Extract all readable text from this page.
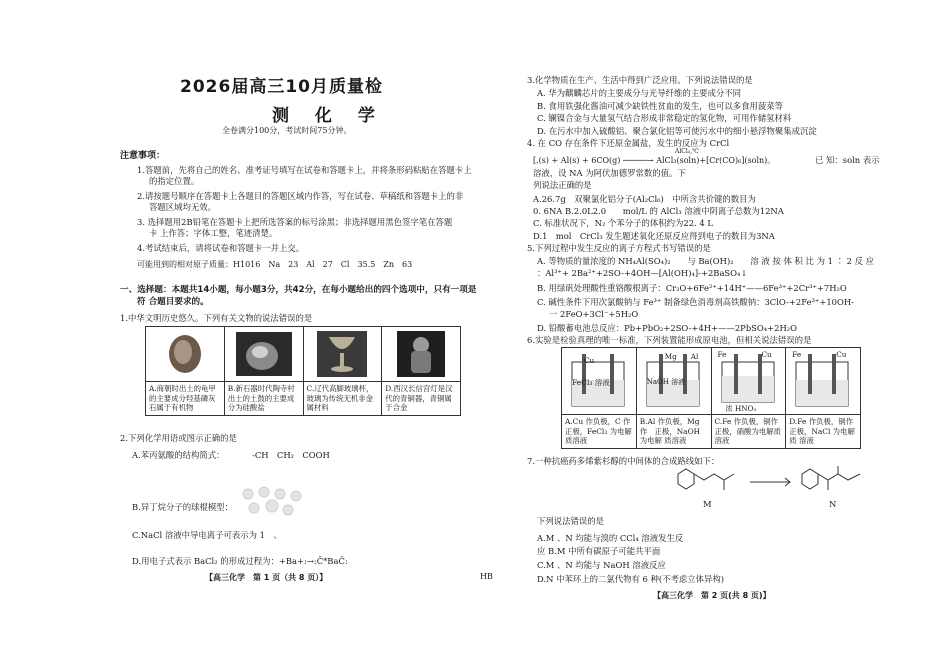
2026届高三10月质量检
测 化 学
全卷满分100分，考试时间75分钟。
注意事项：
1.答题前，先将自己的姓名、准考证号填写在试卷和答题卡上，并将条形码粘贴在答题卡上
的指定位置。
2.请按题号顺序在答题卡上各题目的答题区域内作答，写在试卷、草稿纸和答题卡上的非
答题区域均无效。
3. 选择题用2B铅笔在答题卡上把所选答案的标号涂黑；非选择题用黑色签字笔在答题
卡 上作答；字体工整，笔迹清楚。
4.考试结束后，请将试卷和答题卡一并上交。
可能用到的相对原子质量：H1016　Na　23　Al　27　Cl　35.5　Zn　63
一、选择题：本题共14小题，每小题3分，共42分，在每小题给出的四个选项中，只有一项是
符 合题目要求的。
1.中华文明历史悠久。下列有关文物的说法错误的是

A.商朝时出土的龟甲的主要成分羟基磷灰石属于有机物	B.新石器时代陶寺村出土的土鼓的主要成分为硅酸盐	C.辽代高脚玻璃杯，玻璃为传统无机非金属材料	D.西汉长信宫灯是汉代的青铜器，青铜属于合金
2.下列化学用语或图示正确的是
A.苯丙氨酸的结构简式：	-CH　CH₂　COOH
B.异丁烷分子的球棍模型：
C.NaCl 溶液中导电离子可表示为 1　、
D.用电子式表示 BaCl₂ 的形成过程为：+Ba+:→:Č*BaČ:
【高三化学　第 1 页（共 8 页）】	HB
3.化学物质在生产、生活中得到广泛应用。下列说法错误的是
A. 华为麒麟芯片的主要成分与光导纤维的主要成分不同
B. 食用铁强化酱油可减少缺铁性贫血的发生，也可以多食用菠菜等
C. 镧镍合金与大量氢气结合形成非常稳定的氢化物，可用作储氢材料
D. 在污水中加入硫酸铝、聚合氯化铝等可使污水中的细小悬浮物聚集成沉淀
4. 在 CO 存在条件下还原金属盐，发生的反应为 CrCl
AlCl₃,℃
[.(s) + Al(s) + 6CO(g) ─────→ AlCl₃(soln)+[Cr(CO)₆](soln)。	已 知：soln 表示
溶液，设 NA 为阿伏加德罗常数的值。下
列说法正确的是
A.26.7g　双聚氯化铝分子(Al₂Cl₆)　中所含共价键的数目为
0. 6NA B.2.0L2.0　　mol/L 的 AlCl₃ 溶液中阴离子总数为12NA
C. 标准状况下，N₂ 个苯分子的体积约为22. 4 L
D.1　mol　CrCl₃ 发生题述氧化还原反应得到电子的数目为3NA
5.下列过程中发生反应的离子方程式书写错误的是
A. 等物质的量浓度的 NH₄Al(SO₄)₂　　与 Ba(OH)₂　　溶 液 按 体 积 比 为 1 ∶ 2 反 应
：Al³⁺+ 2Ba²⁺+2SO-+4OH—[Al(OH)₄]-+2BaSO₄↓
B. 用绿矾处理酸性重铬酸根离子：Cr₂O+6Fe²⁺+14H⁺——6Fe³⁺+2Cr³⁺+7H₂O
C. 碱性条件下用次氯酸钠与 Fe³⁺ 制备绿色消毒剂高铁酸钠：3ClO-+2Fe³⁺+10OH-
一 2FeO+3Cl⁻+5H₂O
D. 铅酸蓄电池总反应：Pb+PbO₂+2SO-+4H+——2PbSO₄+2H₂O
6.实验是检验真理的唯一标准，下列装置能形成原电池，但相关说法错误的是
Cu
FeCl₃ 溶液	Mg Al
NaOH 溶液	Fe Cu
浓 HNO₃	Fe Cu

A.Cu 作负极，C 作正极，FeCl₃ 为电解　质溶液	B.Al 作负极，Mg 作　正极，NaOH 为电解 质溶液	C.Fe 作负极，铜作正极，硝酸为电解质溶液	D.Fe 作负极，铜作正极，NaCl 为电解质 溶液
7.一种抗癌药多烯紫杉醇的中间体的合成路线如下：
M	N
下列说法错误的是
A.M 、N 均能与溴的 CCl₄ 溶液发生反
应 B.M 中所有碳原子可能共平面
C.M 、N 均能与 NaOH 溶液反应
D.N 中苯环上的二氯代物有 6 种(不考虑立体异构)
【高三化学　第 2 页(共 8 页)】
